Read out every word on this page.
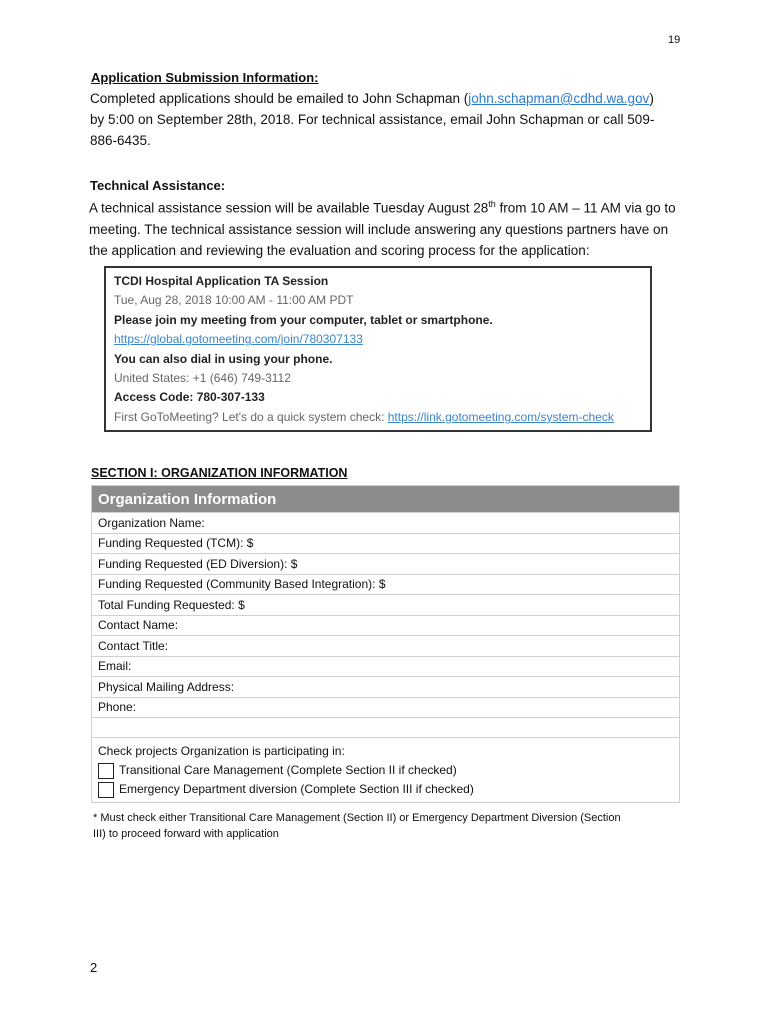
19
Application Submission Information:
Completed applications should be emailed to John Schapman (john.schapman@cdhd.wa.gov)
by 5:00 on September 28th, 2018. For technical assistance, email John Schapman or call 509-
886-6435.
Technical Assistance:
A technical assistance session will be available Tuesday August 28th from 10 AM – 11 AM via go to
meeting. The technical assistance session will include answering any questions partners have on
the application and reviewing the evaluation and scoring process for the application:
TCDI Hospital Application TA Session
Tue, Aug 28, 2018 10:00 AM - 11:00 AM PDT
Please join my meeting from your computer, tablet or smartphone.
https://global.gotomeeting.com/join/780307133
You can also dial in using your phone.
United States: +1 (646) 749-3112
Access Code: 780-307-133
First GoToMeeting? Let's do a quick system check: https://link.gotomeeting.com/system-check
SECTION I: ORGANIZATION INFORMATION
Organization Information
Organization Name:
Funding Requested (TCM): $
Funding Requested (ED Diversion): $
Funding Requested (Community Based Integration): $
Total Funding Requested: $
Contact Name:
Contact Title:
Email:
Physical Mailing Address:
Phone:

Check projects Organization is participating in:
Transitional Care Management (Complete Section II if checked)
Emergency Department diversion (Complete Section III if checked)
* Must check either Transitional Care Management (Section II) or Emergency Department Diversion (Section
III) to proceed forward with application
2
